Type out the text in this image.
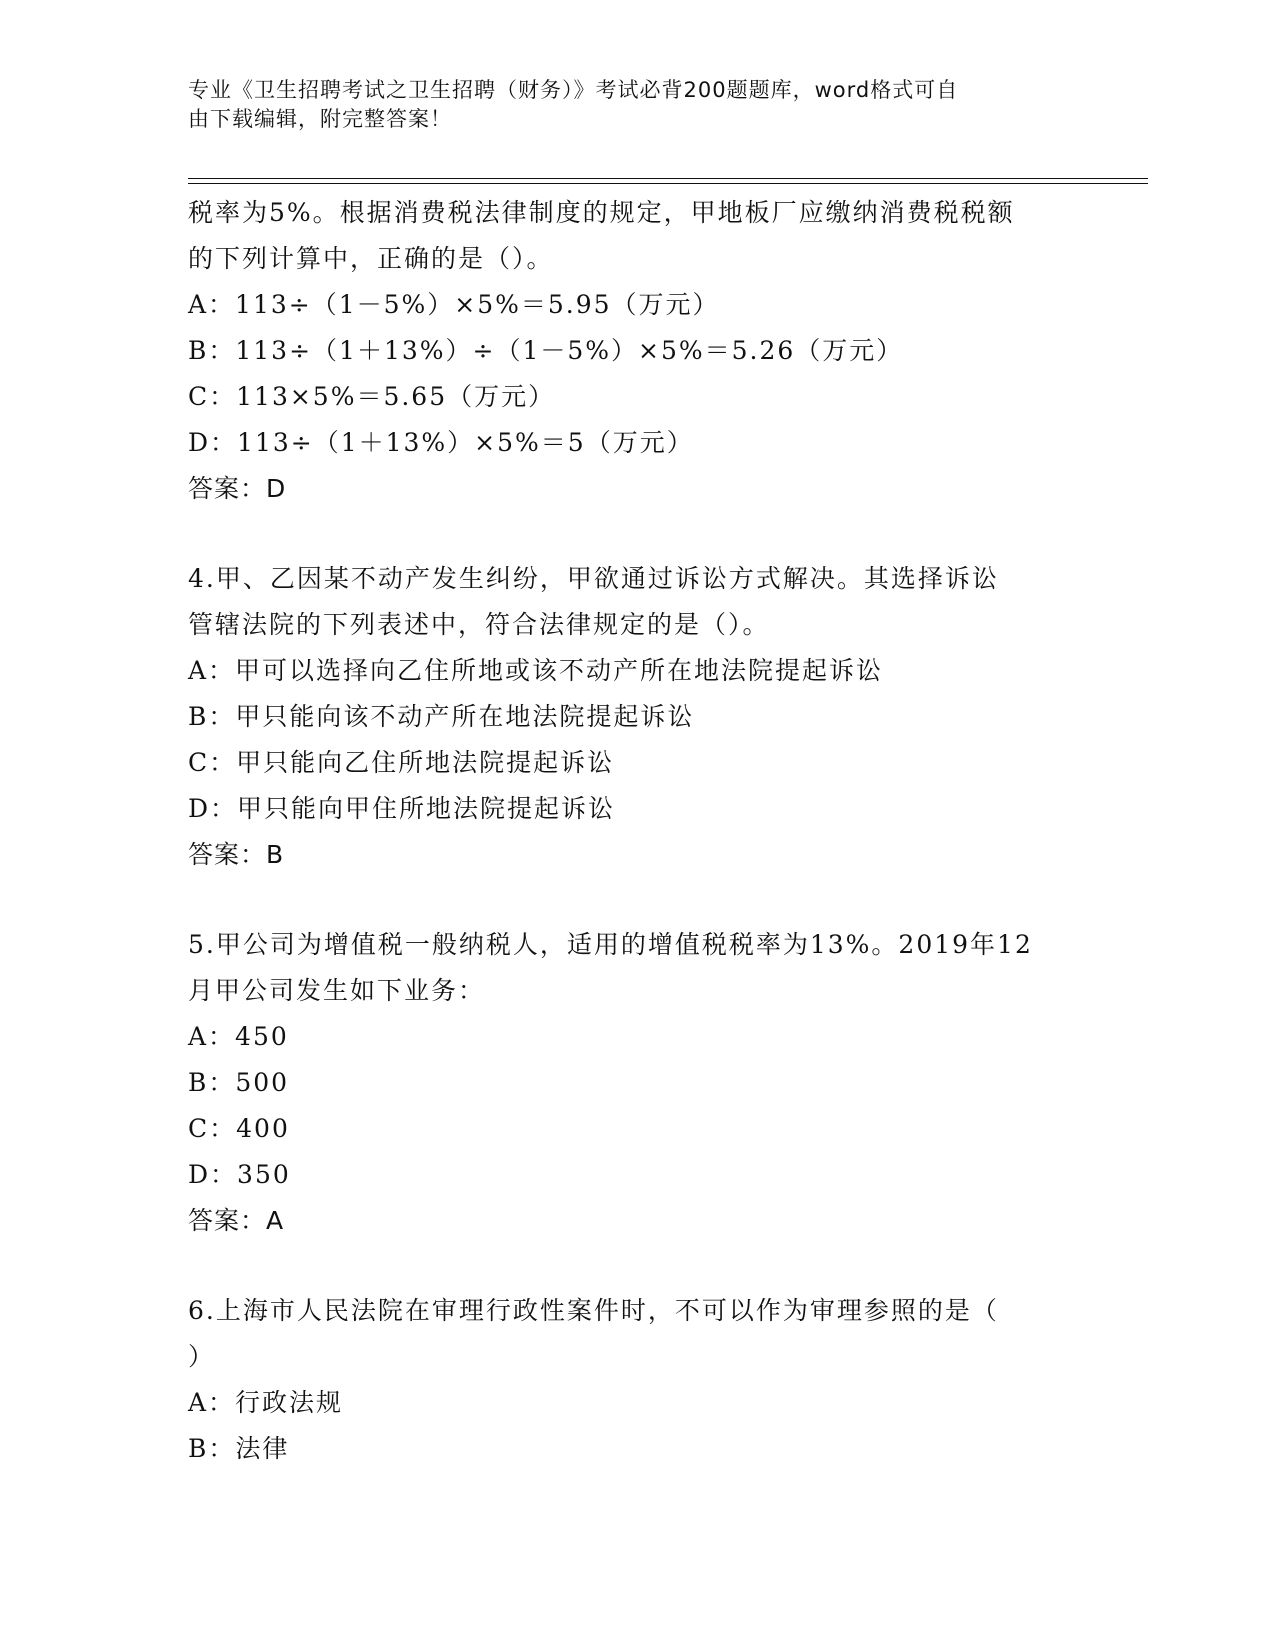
专业《卫生招聘考试之卫生招聘（财务）》考试必背200题题库，word格式可自
由下载编辑，附完整答案！
税率为5%。根据消费税法律制度的规定，甲地板厂应缴纳消费税税额
的下列计算中，正确的是（）。
A：113÷（1－5%）×5%＝5.95（万元）
B：113÷（1＋13%）÷（1－5%）×5%＝5.26（万元）
C：113×5%＝5.65（万元）
D：113÷（1＋13%）×5%＝5（万元）
答案：D
4.甲、乙因某不动产发生纠纷，甲欲通过诉讼方式解决。其选择诉讼
管辖法院的下列表述中，符合法律规定的是（）。
A：甲可以选择向乙住所地或该不动产所在地法院提起诉讼
B：甲只能向该不动产所在地法院提起诉讼
C：甲只能向乙住所地法院提起诉讼
D：甲只能向甲住所地法院提起诉讼
答案：B
5.甲公司为增值税一般纳税人，适用的增值税税率为13%。2019年12
月甲公司发生如下业务：
A：450
B：500
C：400
D：350
答案：A
6.上海市人民法院在审理行政性案件时，不可以作为审理参照的是（
）
A：行政法规
B：法律
